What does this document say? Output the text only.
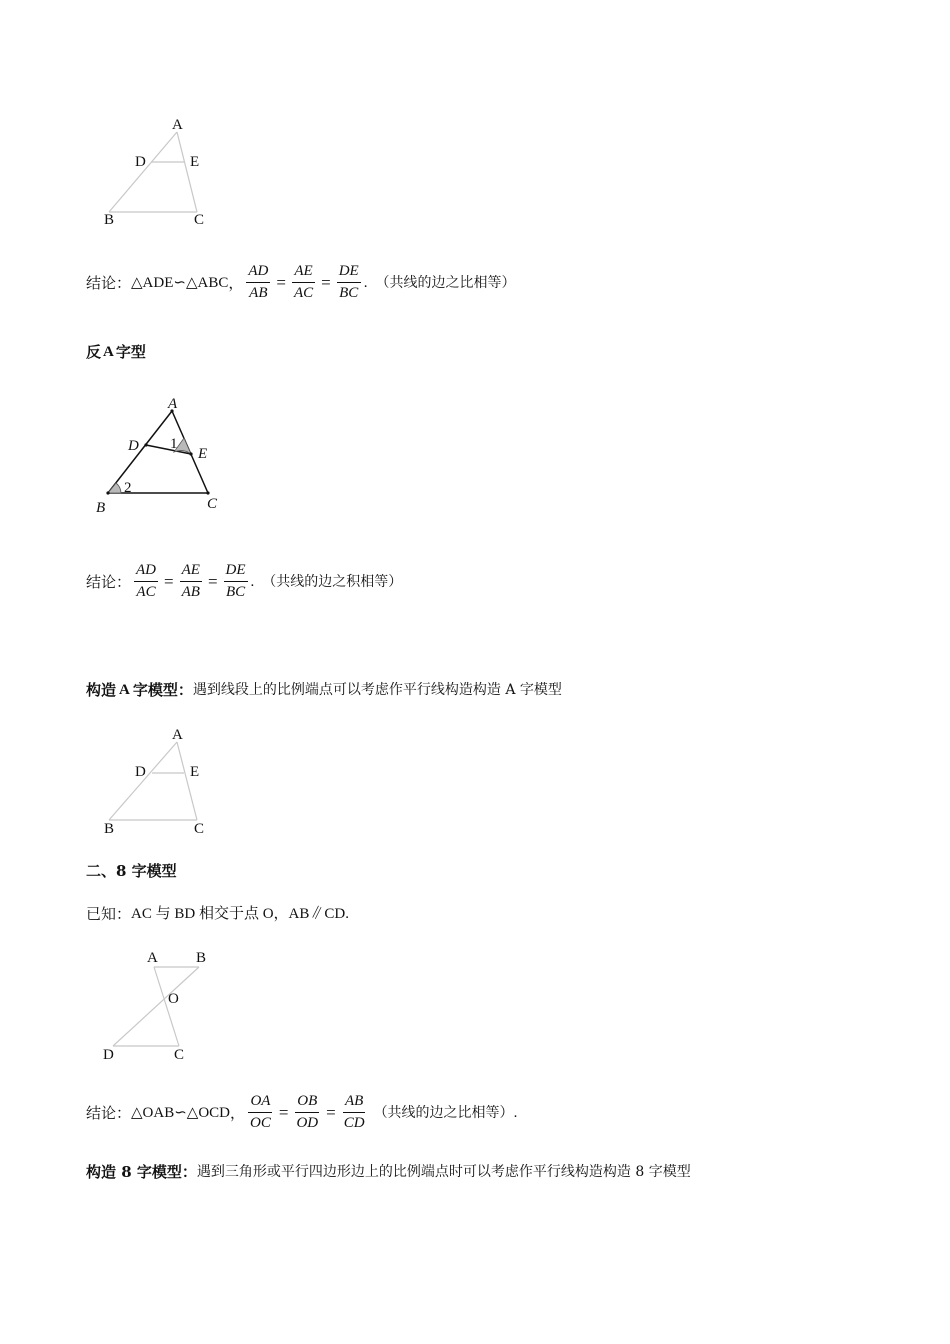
A
D	E
B	C
结论： △ADE∽△ABC ， $\frac{AD}{AB} = \frac{AE}{AC} = \frac{DE}{BC}$ . （共线的边之比相等）
反 A 字型
A
D	E
B	C
1
2
结论： $\frac{AD}{AC} = \frac{AE}{AB} = \frac{DE}{BC}$ . （共线的边之积相等）
构造 A 字模型： 遇到线段上的比例端点可以考虑作平行线构造构造 A 字模型
A
D	E
B	C
二、8 字模型
已知： AC 与 BD 相交于点 O，AB∥CD.
A	B
O
D	C
结论： △OAB∽△OCD ， $\frac{OA}{OC} = \frac{OB}{OD} = \frac{AB}{CD}$ （共线的边之比相等） .
构造 8 字模型： 遇到三角形或平行四边形边上的比例端点时可以考虑作平行线构造构造 8 字模型
